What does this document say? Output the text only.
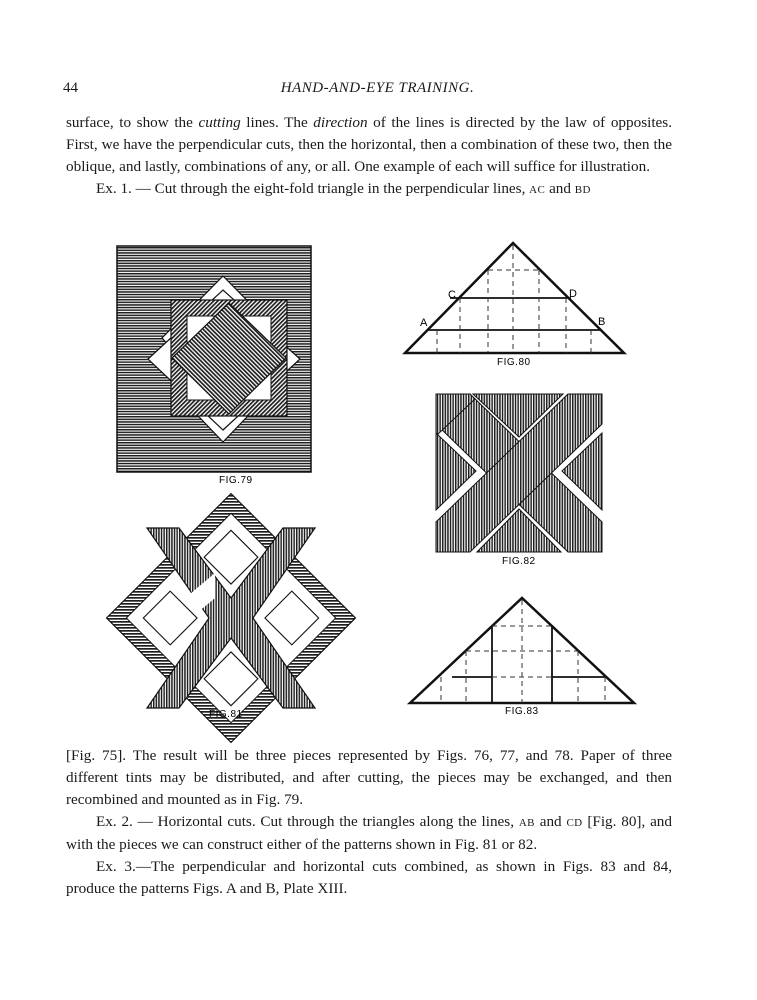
44	HAND-AND-EYE TRAINING.

surface, to show the cutting lines. The direction of the lines is directed by the law of opposites. First, we have the perpendicular cuts, then the horizontal, then a combination of these two, then the oblique, and lastly, combinations of any, or all. One example of each will suffice for illustration.

Ex. 1. — Cut through the eight-fold triangle in the perpendicular lines, AC and BD

FIG.79
C	D
A	B
FIG.80
FIG.82
FIG.81	FIG.83

[Fig. 75]. The result will be three pieces represented by Figs. 76, 77, and 78. Paper of three different tints may be distributed, and after cutting, the pieces may be exchanged, and then recombined and mounted as in Fig. 79.

Ex. 2. — Horizontal cuts. Cut through the triangles along the lines, AB and CD [Fig. 80], and with the pieces we can construct either of the patterns shown in Fig. 81 or 82.

Ex. 3.—The perpendicular and horizontal cuts combined, as shown in Figs. 83 and 84, produce the patterns Figs. A and B, Plate XIII.
